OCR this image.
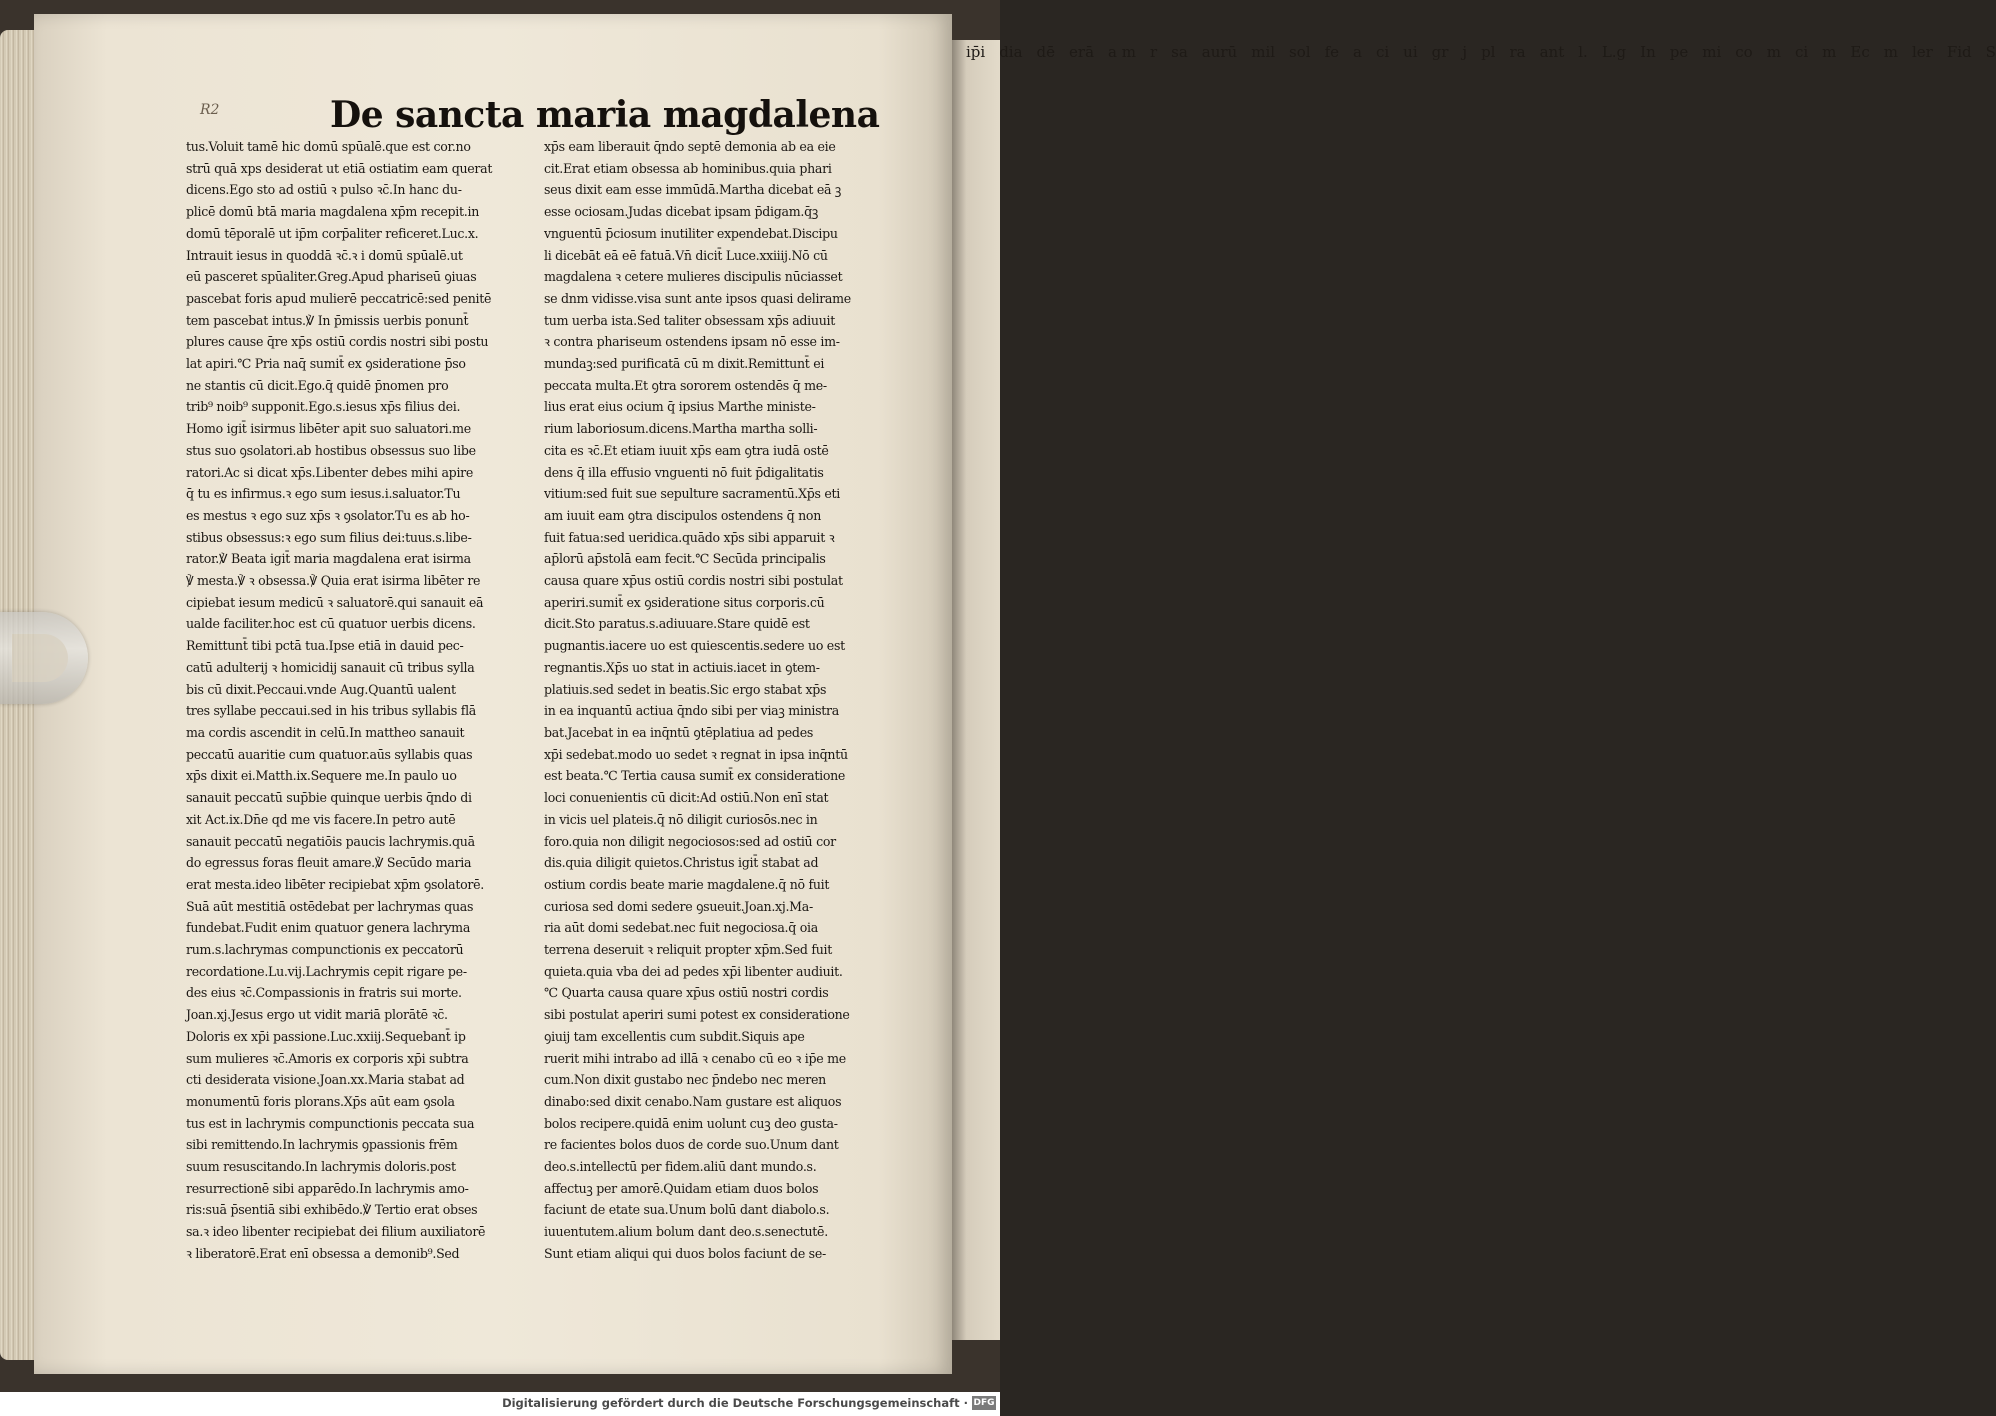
ip̄i dia dē erā a m r sa aurū mil sol fe a ci ui gr j pl ra ant l. L.g In pe mi co m ci m Ec m ler Fid S
R2	De sancta maria magdalena
tus.Voluit tamē hic domū spūalē.que est cor.no
strū quā xps desiderat ut etiā ostiatim eam querat
dicens.Ego sto ad ostiū ꝛ pulso ꝛc̄.In hanc du-
plicē domū btā maria magdalena xp̄m recepit.in
domū tēporalē ut ip̄m corp̄aliter reficeret.Luc.x.
Intrauit iesus in quoddā ꝛc̄.ꝛ i domū spūalē.ut
eū pasceret spūaliter.Greg.Apud phariseū ꝯiuas
pascebat foris apud mulierē peccatricē:sed penitē
tem pascebat intus.℣ In p̄missis uerbis ponunt̄
plures cause q̄re xp̄s ostiū cordis nostri sibi postu
lat apiri.℃ Pria naq̄ sumit̄ ex ꝯsideratione p̄so
ne stantis cū dicit.Ego.q̄ quidē p̄nomen pro
trib⁹ noib⁹ supponit.Ego.s.iesus xp̄s filius dei.
Homo igit̄ isirmus libēter apit suo saluatori.me
stus suo ꝯsolatori.ab hostibus obsessus suo libe
ratori.Ac si dicat xp̄s.Libenter debes mihi apire
q̄ tu es infirmus.ꝛ ego sum iesus.i.saluator.Tu
es mestus ꝛ ego suz xp̄s ꝛ ꝯsolator.Tu es ab ho-
stibus obsessus:ꝛ ego sum filius dei:tuus.s.libe-
rator.℣ Beata igit̄ maria magdalena erat isirma
℣ mesta.℣ ꝛ obsessa.℣ Quia erat isirma libēter re
cipiebat iesum medicū ꝛ saluatorē.qui sanauit eā
ualde faciliter.hoc est cū quatuor uerbis dicens.
Remittunt̄ tibi pctā tua.Ipse etiā in dauid pec-
catū adulterij ꝛ homicidij sanauit cū tribus sylla
bis cū dixit.Peccaui.vnde Aug.Quantū ualent
tres syllabe peccaui.sed in his tribus syllabis flā
ma cordis ascendit in celū.In mattheo sanauit
peccatū auaritie cum quatuor.aūs syllabis quas
xp̄s dixit ei.Matth.ix.Sequere me.In paulo uo
sanauit peccatū sup̄bie quinque uerbis q̄ndo di
xit Act.ix.Dn̄e qd me vis facere.In petro autē
sanauit peccatū negatiōis paucis lachrymis.quā
do egressus foras fleuit amare.℣ Secūdo maria
erat mesta.ideo libēter recipiebat xp̄m ꝯsolatorē.
Suā aūt mestitiā ostēdebat per lachrymas quas
fundebat.Fudit enim quatuor genera lachryma
rum.s.lachrymas compunctionis ex peccatorū
recordatione.Lu.vij.Lachrymis cepit rigare pe-
des eius ꝛc̄.Compassionis in fratris sui morte.
Joan.xj.Jesus ergo ut vidit mariā plorātē ꝛc̄.
Doloris ex xp̄i passione.Luc.xxiij.Sequebant̄ ip
sum mulieres ꝛc̄.Amoris ex corporis xp̄i subtra
cti desiderata visione.Joan.xx.Maria stabat ad
monumentū foris plorans.Xp̄s aūt eam ꝯsola
tus est in lachrymis compunctionis peccata sua
sibi remittendo.In lachrymis ꝯpassionis frēm
suum resuscitando.In lachrymis doloris.post
resurrectionē sibi apparēdo.In lachrymis amo-
ris:suā p̄sentiā sibi exhibēdo.℣ Tertio erat obses
sa.ꝛ ideo libenter recipiebat dei filium auxiliatorē
ꝛ liberatorē.Erat enī obsessa a demonib⁹.Sed
xp̄s eam liberauit q̄ndo septē demonia ab ea eie
cit.Erat etiam obsessa ab hominibus.quia phari
seus dixit eam esse immūdā.Martha dicebat eā ꝫ
esse ociosam.Judas dicebat ipsam p̄digam.q̄ꝫ
vnguentū p̄ciosum inutiliter expendebat.Discipu
li dicebāt eā eē fatuā.Vn̄ dicit̄ Luce.xxiiij.Nō cū
magdalena ꝛ cetere mulieres discipulis nūciasset
se dnm vidisse.visa sunt ante ipsos quasi delirame
tum uerba ista.Sed taliter obsessam xp̄s adiuuit
ꝛ contra phariseum ostendens ipsam nō esse im-
mundaꝫ:sed purificatā cū m dixit.Remittunt̄ ei
peccata multa.Et ꝯtra sororem ostendēs q̄ me-
lius erat eius ocium q̄ ipsius Marthe ministe-
rium laboriosum.dicens.Martha martha solli-
cita es ꝛc̄.Et etiam iuuit xp̄s eam ꝯtra iudā ostē
dens q̄ illa effusio vnguenti nō fuit p̄digalitatis
vitium:sed fuit sue sepulture sacramentū.Xp̄s eti
am iuuit eam ꝯtra discipulos ostendens q̄ non
fuit fatua:sed ueridica.quādo xp̄s sibi apparuit ꝛ
ap̄lorū ap̄stolā eam fecit.℃ Secūda principalis
causa quare xp̄us ostiū cordis nostri sibi postulat
aperiri.sumit̄ ex ꝯsideratione situs corporis.cū
dicit.Sto paratus.s.adiuuare.Stare quidē est
pugnantis.iacere uo est quiescentis.sedere uo est
regnantis.Xp̄s uo stat in actiuis.iacet in ꝯtem-
platiuis.sed sedet in beatis.Sic ergo stabat xp̄s
in ea inquantū actiua q̄ndo sibi per viaꝫ ministra
bat.Jacebat in ea inq̄ntū ꝯtēplatiua ad pedes
xp̄i sedebat.modo uo sedet ꝛ regnat in ipsa inq̄ntū
est beata.℃ Tertia causa sumit̄ ex consideratione
loci conuenientis cū dicit:Ad ostiū.Non enī stat
in vicis uel plateis.q̄ nō diligit curiosōs.nec in
foro.quia non diligit negociosos:sed ad ostiū cor
dis.quia diligit quietos.Christus igit̄ stabat ad
ostium cordis beate marie magdalene.q̄ nō fuit
curiosa sed domi sedere ꝯsueuit.Joan.xj.Ma-
ria aūt domi sedebat.nec fuit negociosa.q̄ oia
terrena deseruit ꝛ reliquit propter xp̄m.Sed fuit
quieta.quia vba dei ad pedes xp̄i libenter audiuit.
℃ Quarta causa quare xp̄us ostiū nostri cordis
sibi postulat aperiri sumi potest ex consideratione
ꝯiuij tam excellentis cum subdit.Siquis ape
ruerit mihi intrabo ad illā ꝛ cenabo cū eo ꝛ ip̄e me
cum.Non dixit gustabo nec p̄ndebo nec meren
dinabo:sed dixit cenabo.Nam gustare est aliquos
bolos recipere.quidā enim uolunt cuꝫ deo gusta-
re facientes bolos duos de corde suo.Unum dant
deo.s.intellectū per fidem.aliū dant mundo.s.
affectuꝫ per amorē.Quidam etiam duos bolos
faciunt de etate sua.Unum bolū dant diabolo.s.
iuuentutem.alium bolum dant deo.s.senectutē.
Sunt etiam aliqui qui duos bolos faciunt de se-
Digitalisierung gefördert durch die Deutsche Forschungsgemeinschaft · DFG
